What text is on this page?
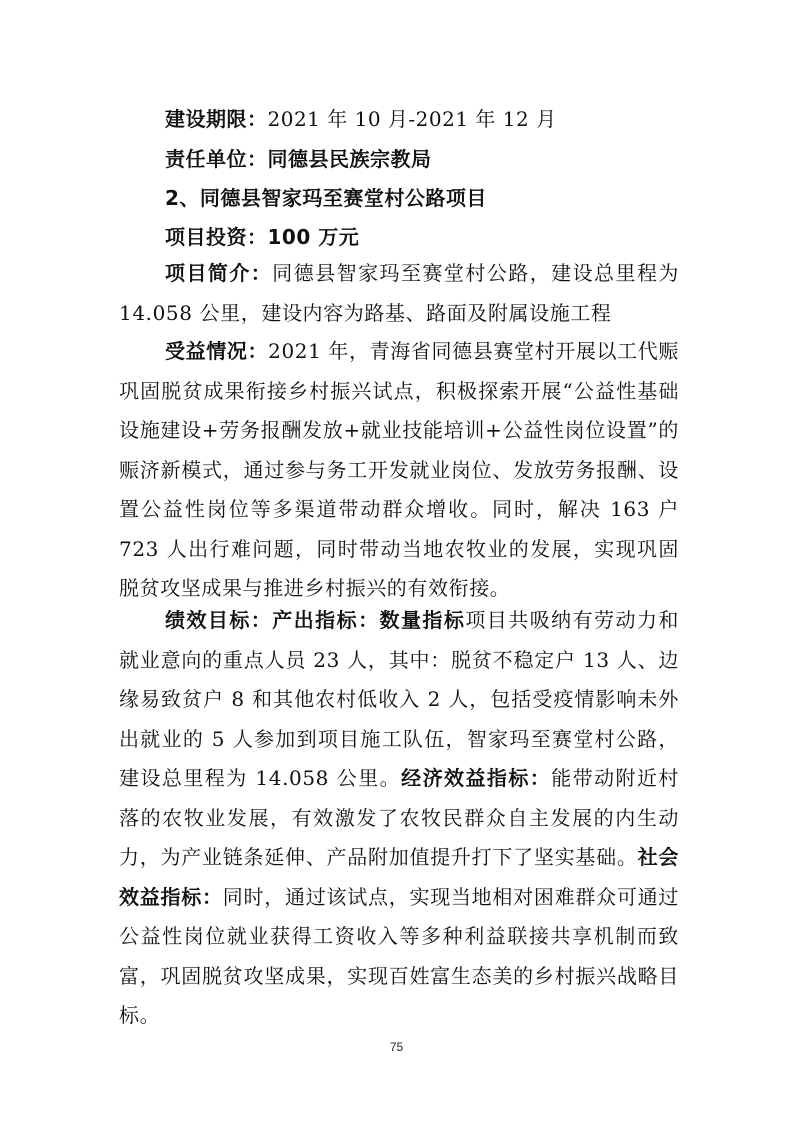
建设期限：2021 年 10 月-2021 年 12 月
责任单位：同德县民族宗教局
2、同德县智家玛至赛堂村公路项目
项目投资：100 万元
项目简介：同德县智家玛至赛堂村公路，建设总里程为 14.058 公里，建设内容为路基、路面及附属设施工程
受益情况：2021 年，青海省同德县赛堂村开展以工代赈巩固脱贫成果衔接乡村振兴试点，积极探索开展“公益性基础设施建设+劳务报酬发放+就业技能培训+公益性岗位设置”的赈济新模式，通过参与务工开发就业岗位、发放劳务报酬、设置公益性岗位等多渠道带动群众增收。同时，解决 163 户 723 人出行难问题，同时带动当地农牧业的发展，实现巩固脱贫攻坚成果与推进乡村振兴的有效衔接。
绩效目标：产出指标：数量指标项目共吸纳有劳动力和就业意向的重点人员 23 人，其中：脱贫不稳定户 13 人、边缘易致贫户 8 和其他农村低收入 2 人，包括受疫情影响未外出就业的 5 人参加到项目施工队伍，智家玛至赛堂村公路，建设总里程为 14.058 公里。经济效益指标：能带动附近村落的农牧业发展，有效激发了农牧民群众自主发展的内生动力，为产业链条延伸、产品附加值提升打下了坚实基础。社会效益指标：同时，通过该试点，实现当地相对困难群众可通过公益性岗位就业获得工资收入等多种利益联接共享机制而致富，巩固脱贫攻坚成果，实现百姓富生态美的乡村振兴战略目标。
75
